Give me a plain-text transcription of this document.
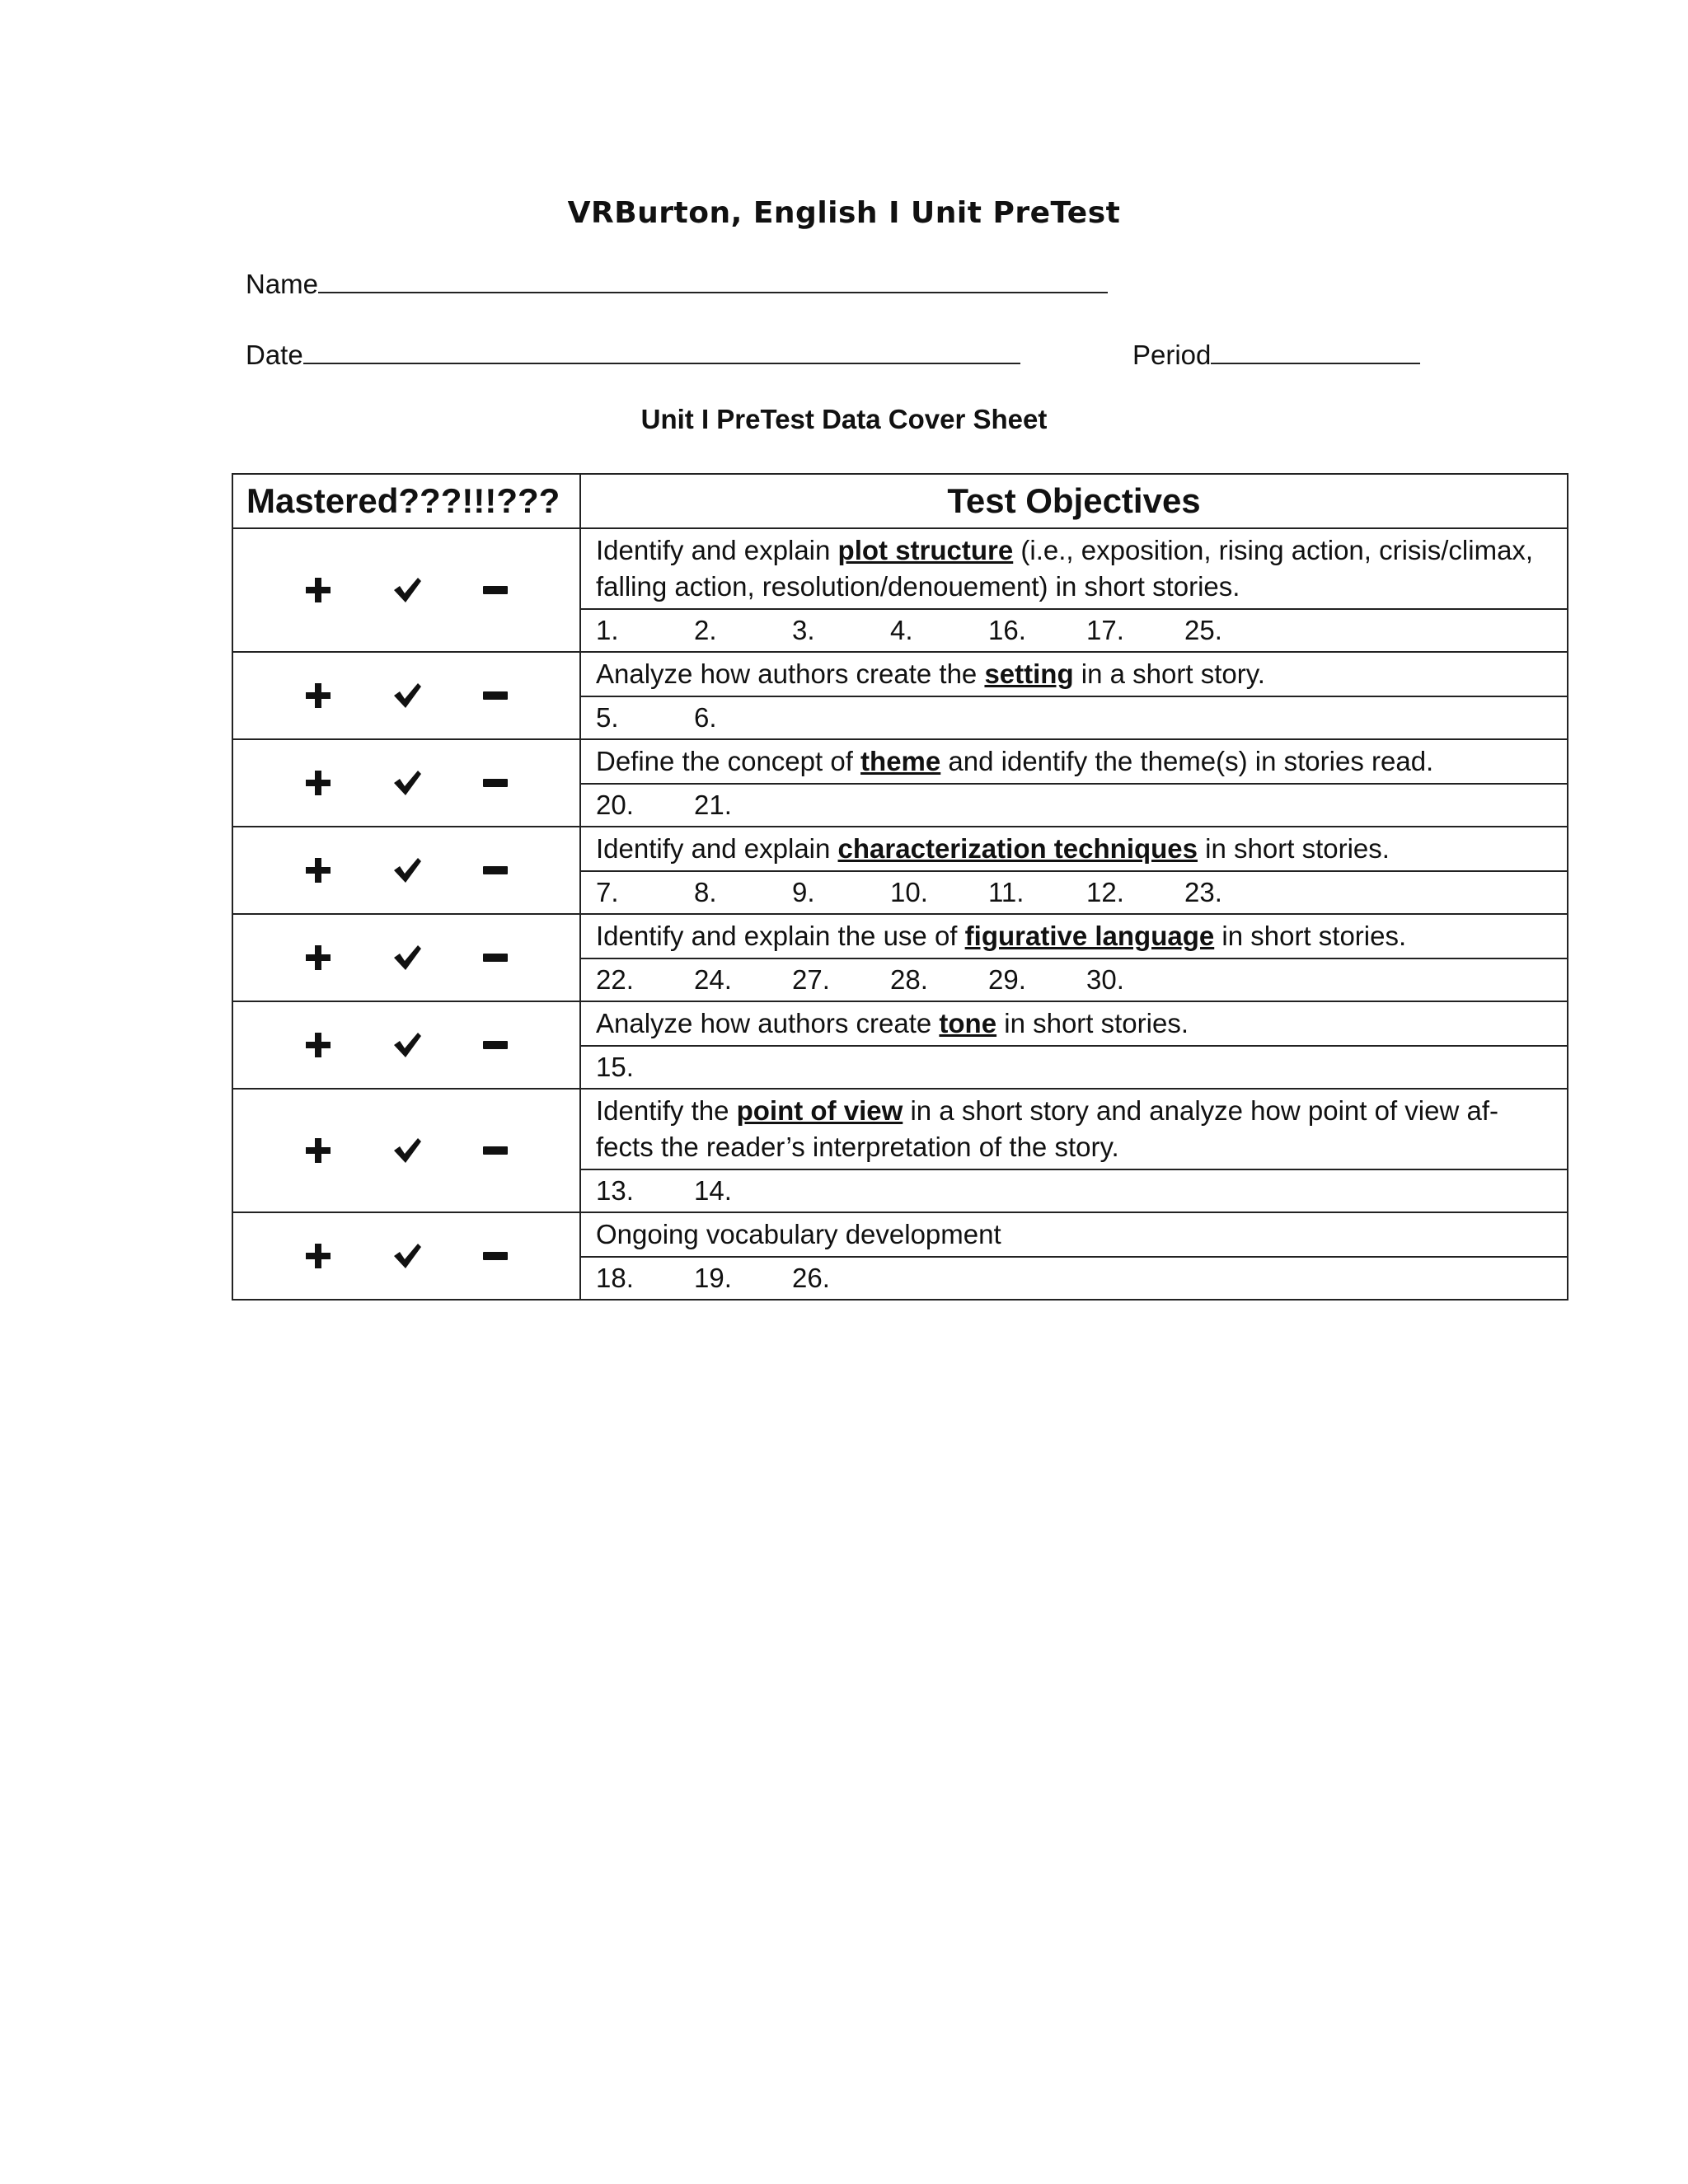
VRBurton, English I Unit PreTest
Name
Date	Period
Unit I PreTest Data Cover Sheet
Mastered???!!!???	Test Objectives

	Identify and explain plot structure (i.e., exposition, rising action, crisis/climax, falling action, resolution/denouement) in short stories.
	1. 2. 3. 4. 16. 17. 25.

	Analyze how authors create the setting in a short story.
	5. 6.

	Define the concept of theme and identify the theme(s) in stories read.
	20. 21.

	Identify and explain characterization techniques in short stories.
	7. 8. 9. 10. 11. 12. 23.

	Identify and explain the use of figurative language in short stories.
	22. 24. 27. 28. 29. 30.

	Analyze how authors create tone in short stories.
	15.

	Identify the point of view in a short story and analyze how point of view af-fects the reader’s interpretation of the story.
	13. 14.

	Ongoing vocabulary development
	18. 19. 26.
